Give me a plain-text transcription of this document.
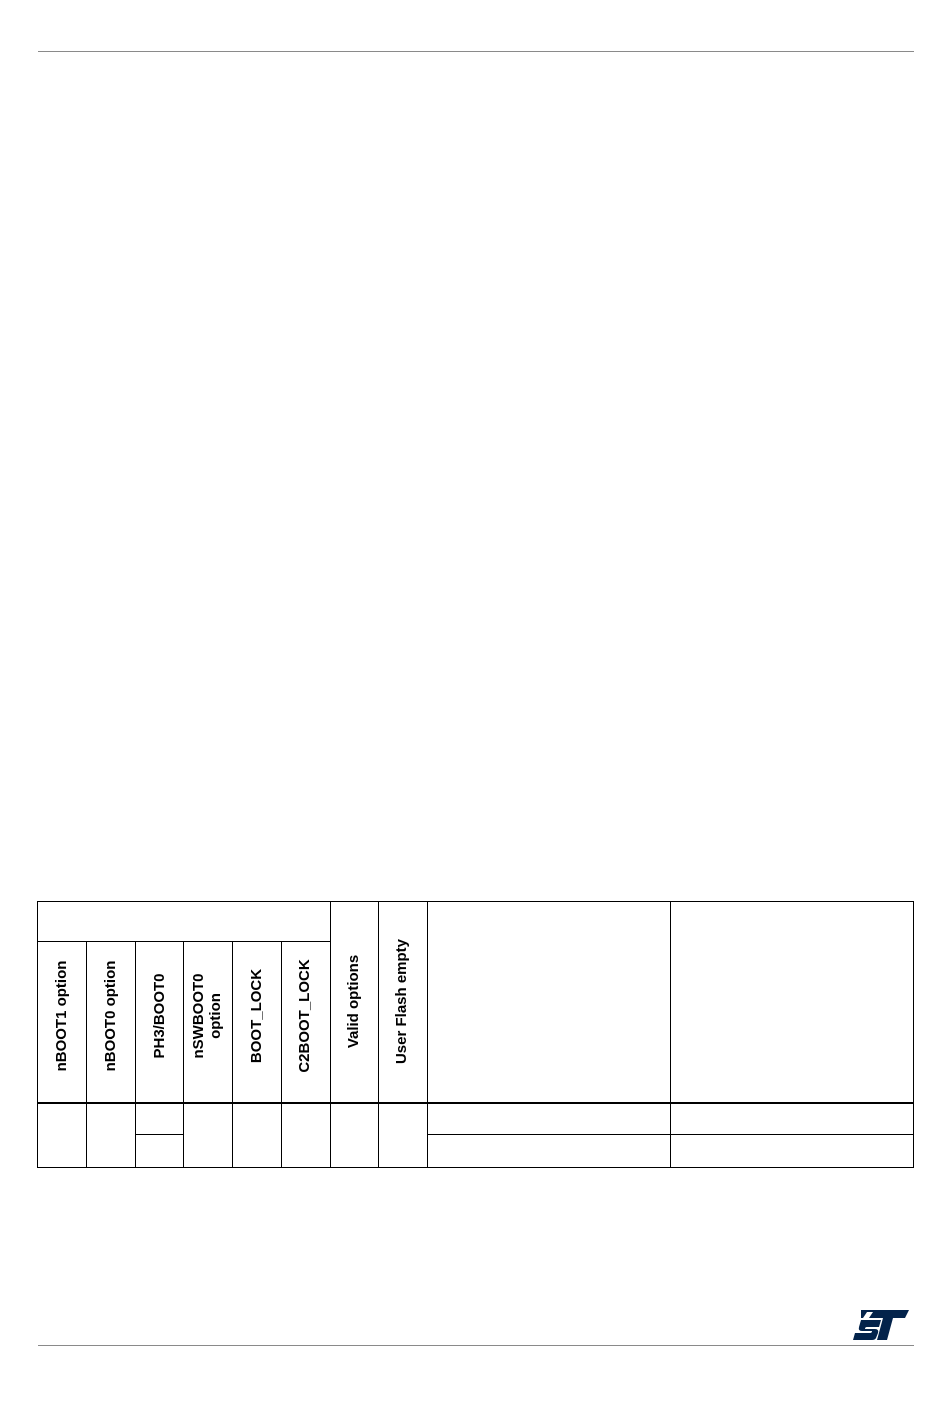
nBOOT1 option nBOOT0 option PH3/BOOT0 nSWBOOT0 option BOOT_LOCK C2BOOT_LOCK Valid options User Flash empty
